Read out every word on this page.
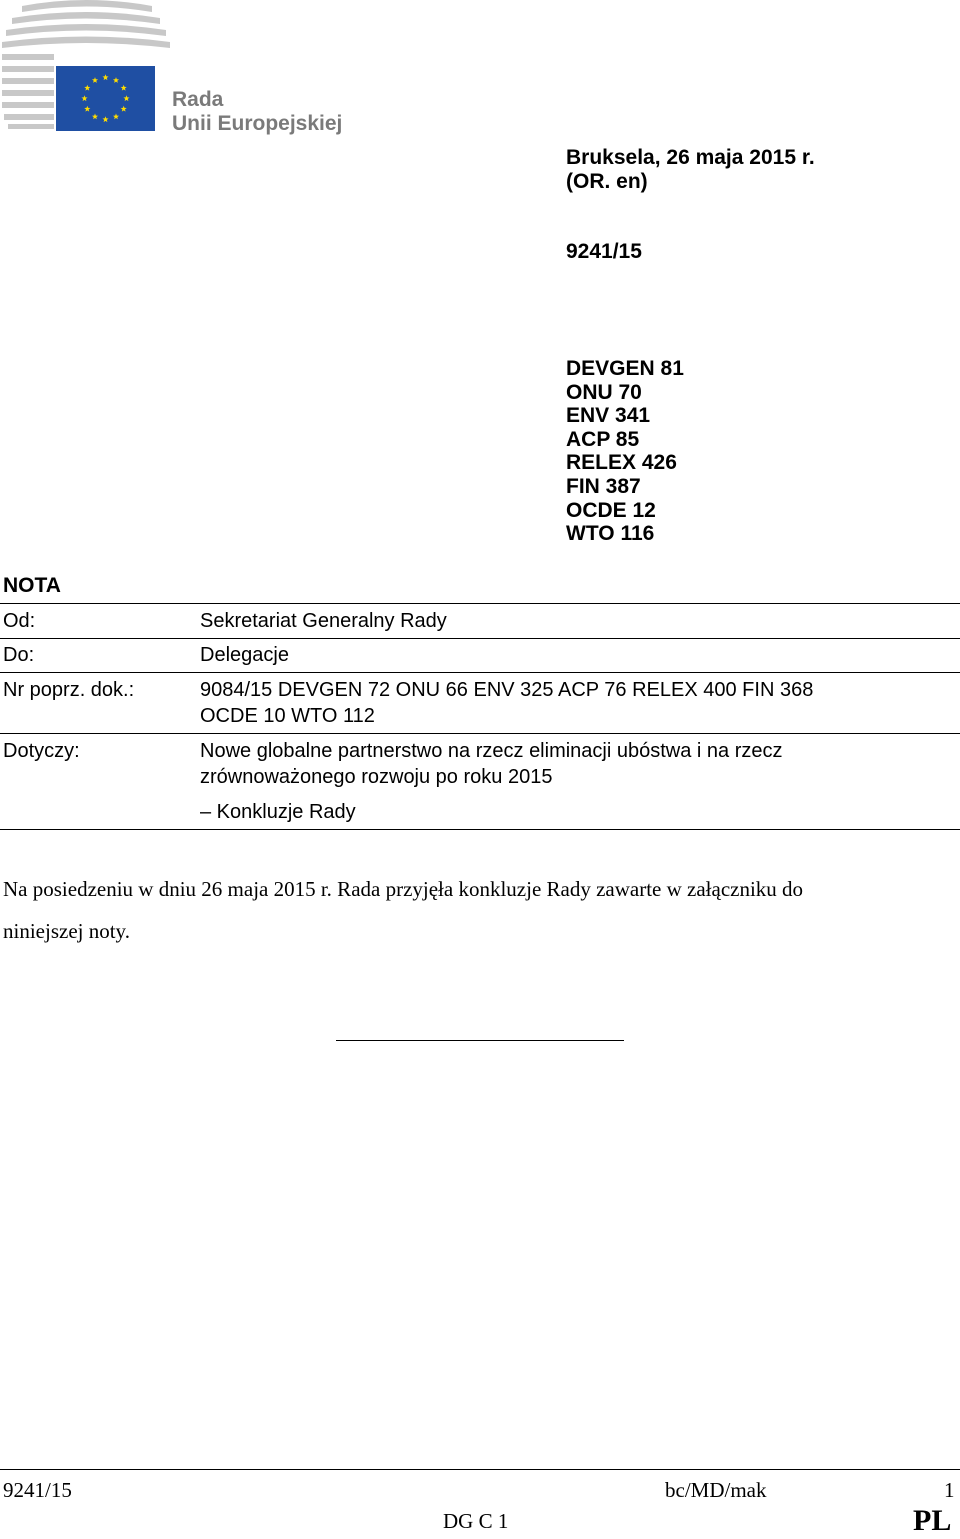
Rada
Unii Europejskiej
Bruksela, 26 maja 2015 r.
(OR. en)
9241/15
DEVGEN 81
ONU 70
ENV 341
ACP 85
RELEX 426
FIN 387
OCDE 12
WTO 116
NOTA
Od:	Sekretariat Generalny Rady
Do:	Delegacje
Nr poprz. dok.:	9084/15 DEVGEN 72 ONU 66 ENV 325 ACP 76 RELEX 400 FIN 368
OCDE 10 WTO 112
Dotyczy:	Nowe globalne partnerstwo na rzecz eliminacji ubóstwa i na rzecz
zrównoważonego rozwoju po roku 2015
– Konkluzje Rady
Na posiedzeniu w dniu 26 maja 2015 r. Rada przyjęła konkluzje Rady zawarte w załączniku do
niniejszej noty.
9241/15	bc/MD/mak	1
DG C 1	PL
